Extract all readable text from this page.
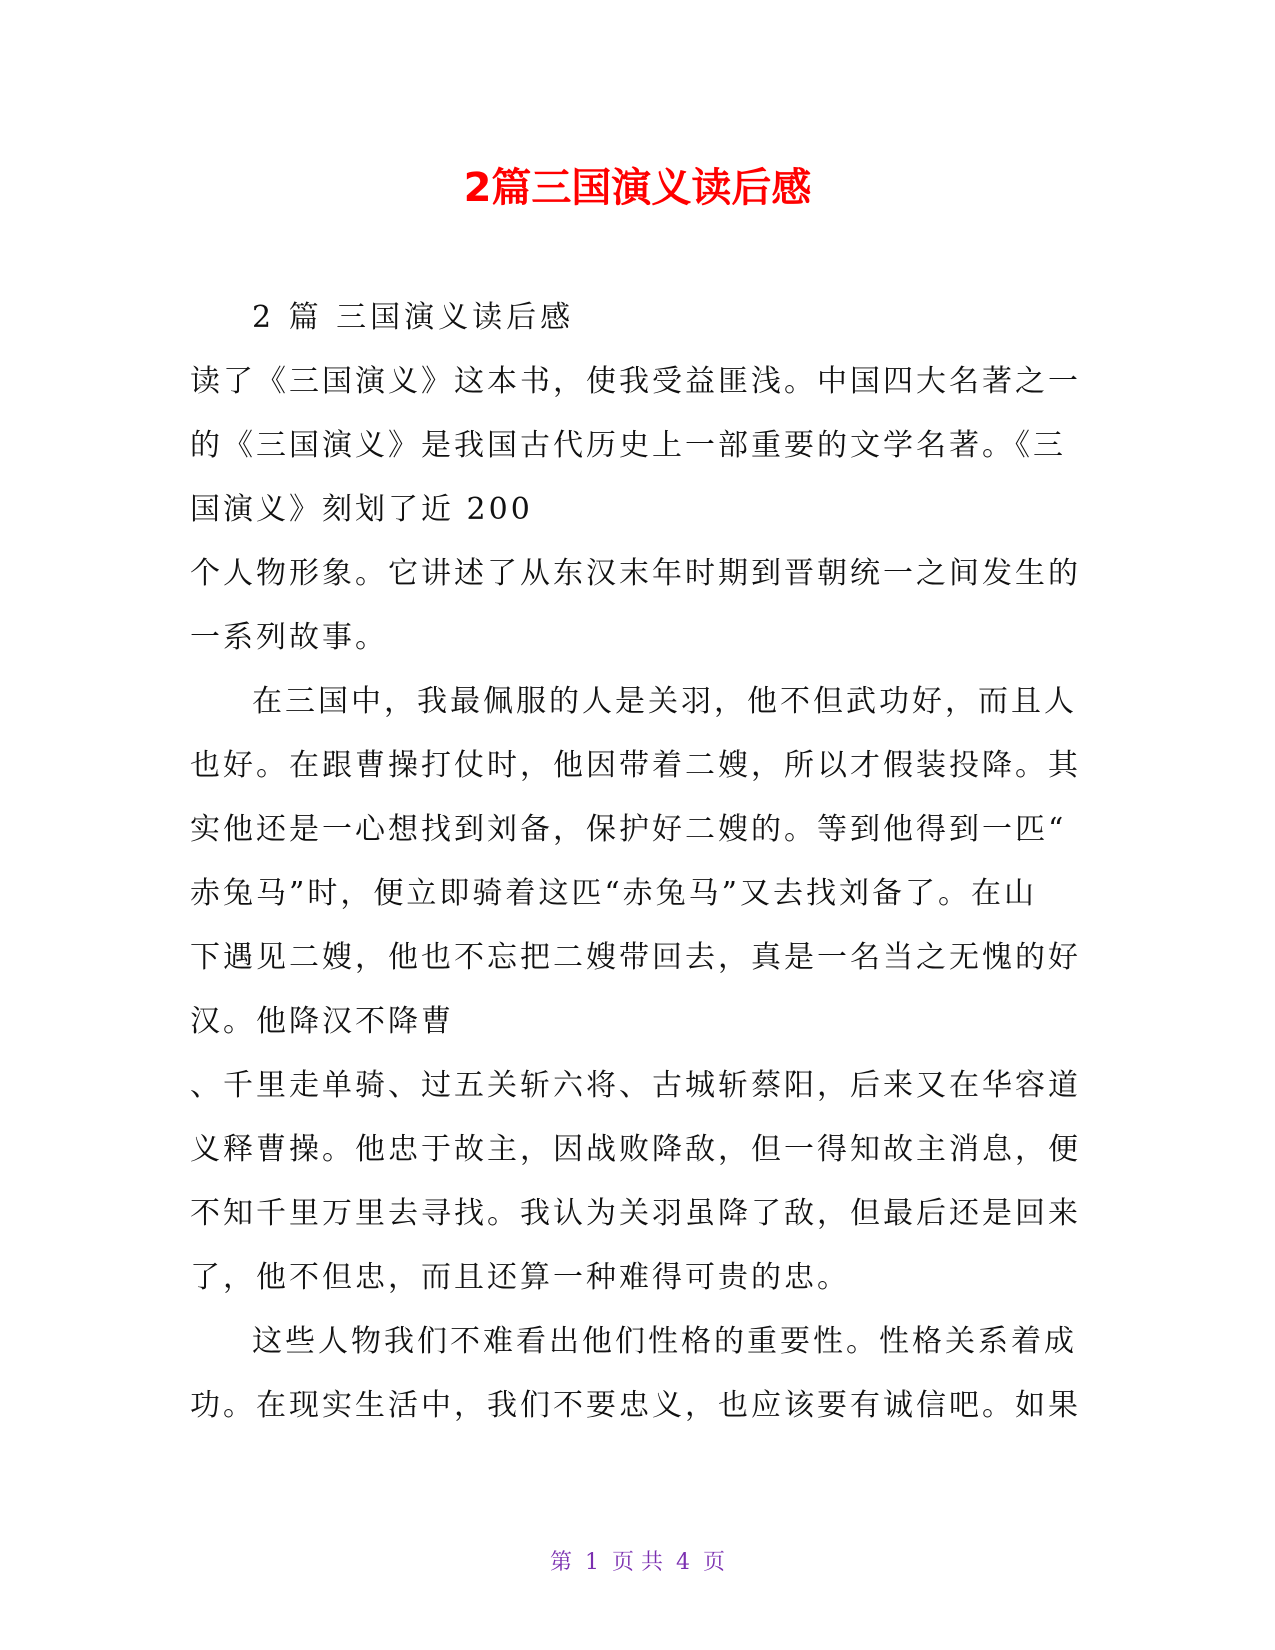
2篇三国演义读后感
2 篇 三国演义读后感
读了《三国演义》这本书，使我受益匪浅。中国四大名著之一
的《三国演义》是我国古代历史上一部重要的文学名著。《三
国演义》刻划了近 200
个人物形象。它讲述了从东汉末年时期到晋朝统一之间发生的
一系列故事。
在三国中，我最佩服的人是关羽，他不但武功好，而且人
也好。在跟曹操打仗时，他因带着二嫂，所以才假装投降。其
实他还是一心想找到刘备，保护好二嫂的。等到他得到一匹“
赤兔马”时，便立即骑着这匹“赤兔马”又去找刘备了。在山
下遇见二嫂，他也不忘把二嫂带回去，真是一名当之无愧的好
汉。他降汉不降曹
、千里走单骑、过五关斩六将、古城斩蔡阳，后来又在华容道
义释曹操。他忠于故主，因战败降敌，但一得知故主消息，便
不知千里万里去寻找。我认为关羽虽降了敌，但最后还是回来
了，他不但忠，而且还算一种难得可贵的忠。
这些人物我们不难看出他们性格的重要性。性格关系着成
功。在现实生活中，我们不要忠义，也应该要有诚信吧。如果
第 1 页 共 4 页
